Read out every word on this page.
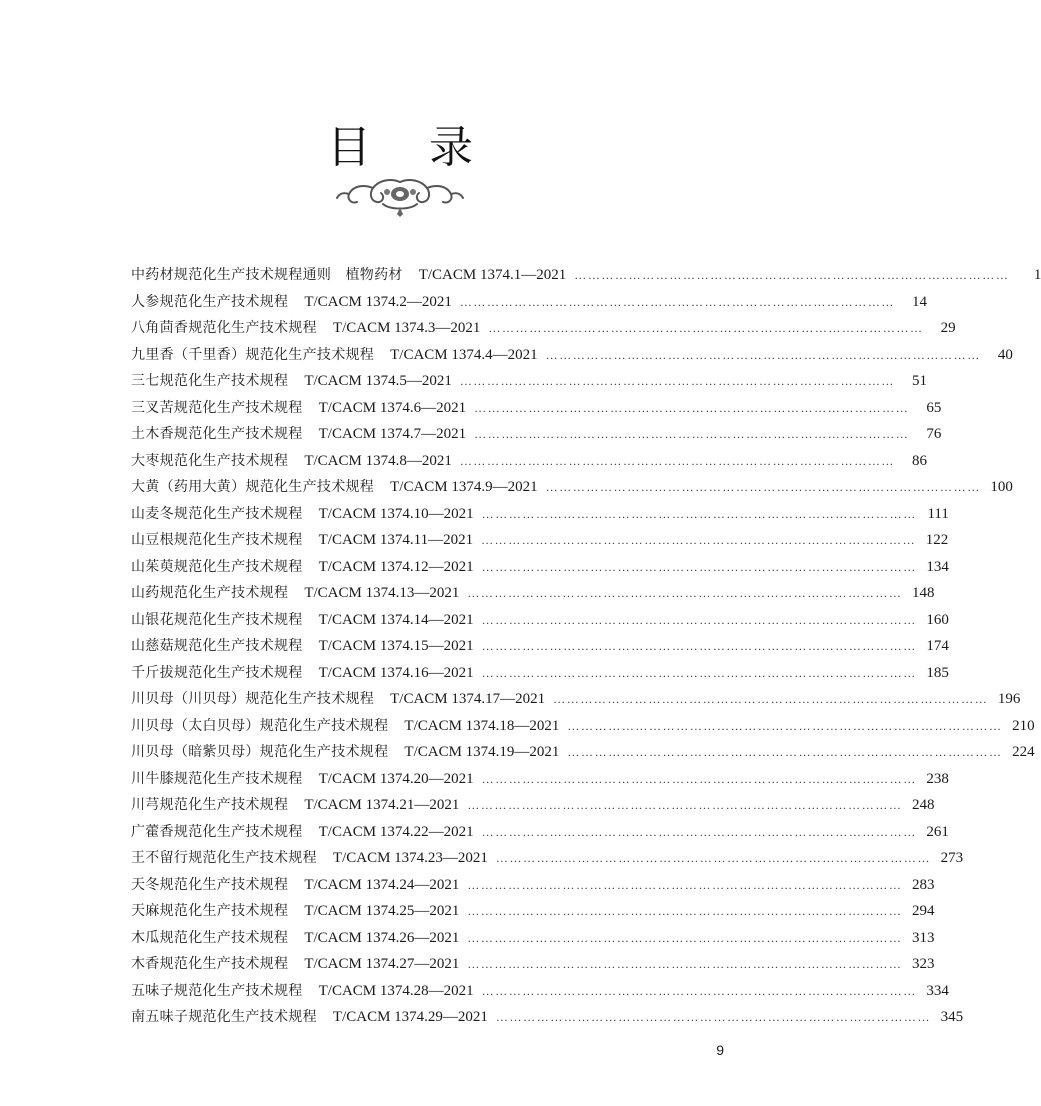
目录
中药材规范化生产技术规程通则　植物药材 T/CACM 1374.1—2021 ……………………………………………………………………………………	1
人参规范化生产技术规程 T/CACM 1374.2—2021 ……………………………………………………………………………………	14
八角茴香规范化生产技术规程 T/CACM 1374.3—2021 ……………………………………………………………………………………	29
九里香（千里香）规范化生产技术规程 T/CACM 1374.4—2021 ……………………………………………………………………………………	40
三七规范化生产技术规程 T/CACM 1374.5—2021 ……………………………………………………………………………………	51
三叉苦规范化生产技术规程 T/CACM 1374.6—2021 ……………………………………………………………………………………	65
土木香规范化生产技术规程 T/CACM 1374.7—2021 ……………………………………………………………………………………	76
大枣规范化生产技术规程 T/CACM 1374.8—2021 ……………………………………………………………………………………	86
大黄（药用大黄）规范化生产技术规程 T/CACM 1374.9—2021 …………………………………………………………………………………… 100
山麦冬规范化生产技术规程 T/CACM 1374.10—2021 …………………………………………………………………………………… 111
山豆根规范化生产技术规程 T/CACM 1374.11—2021 …………………………………………………………………………………… 122
山茱萸规范化生产技术规程 T/CACM 1374.12—2021 …………………………………………………………………………………… 134
山药规范化生产技术规程 T/CACM 1374.13—2021 …………………………………………………………………………………… 148
山银花规范化生产技术规程 T/CACM 1374.14—2021 …………………………………………………………………………………… 160
山慈菇规范化生产技术规程 T/CACM 1374.15—2021 …………………………………………………………………………………… 174
千斤拔规范化生产技术规程 T/CACM 1374.16—2021 …………………………………………………………………………………… 185
川贝母（川贝母）规范化生产技术规程 T/CACM 1374.17—2021 …………………………………………………………………………………… 196
川贝母（太白贝母）规范化生产技术规程 T/CACM 1374.18—2021 …………………………………………………………………………………… 210
川贝母（暗紫贝母）规范化生产技术规程 T/CACM 1374.19—2021 …………………………………………………………………………………… 224
川牛膝规范化生产技术规程 T/CACM 1374.20—2021 …………………………………………………………………………………… 238
川芎规范化生产技术规程 T/CACM 1374.21—2021 …………………………………………………………………………………… 248
广藿香规范化生产技术规程 T/CACM 1374.22—2021 …………………………………………………………………………………… 261
王不留行规范化生产技术规程 T/CACM 1374.23—2021 …………………………………………………………………………………… 273
天冬规范化生产技术规程 T/CACM 1374.24—2021 …………………………………………………………………………………… 283
天麻规范化生产技术规程 T/CACM 1374.25—2021 …………………………………………………………………………………… 294
木瓜规范化生产技术规程 T/CACM 1374.26—2021 …………………………………………………………………………………… 313
木香规范化生产技术规程 T/CACM 1374.27—2021 …………………………………………………………………………………… 323
五味子规范化生产技术规程 T/CACM 1374.28—2021 …………………………………………………………………………………… 334
南五味子规范化生产技术规程 T/CACM 1374.29—2021 …………………………………………………………………………………… 345
9
